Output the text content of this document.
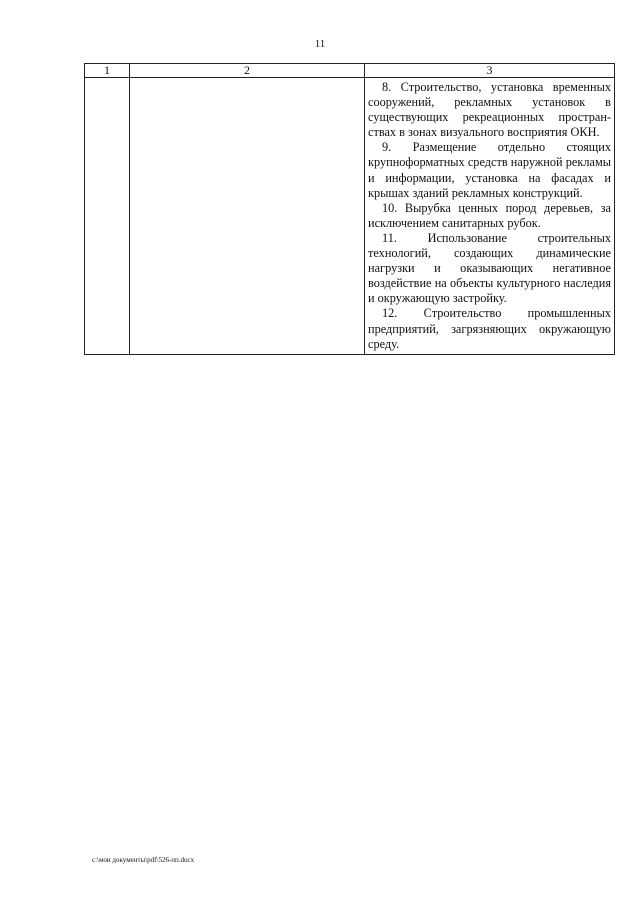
11
1	2	3

		8. Строительство, установка временных сооружений, рекламных установок в существующих рекреационных простран-ствах в зонах визуального восприятия ОКН.

9. Размещение отдельно стоящих крупноформатных средств наружной рекламы и информации, установка на фасадах и крышах зданий рекламных конструкций.

10. Вырубка ценных пород деревьев, за исключением санитарных рубок.

11. Использование строительных технологий, создающих динамические нагрузки и оказывающих негативное воздействие на объекты культурного наследия и окружающую застройку.

12. Строительство промышленных предприятий, загрязняющих окружающую среду.

c:\мои документы\pdf\526-пп.docx
